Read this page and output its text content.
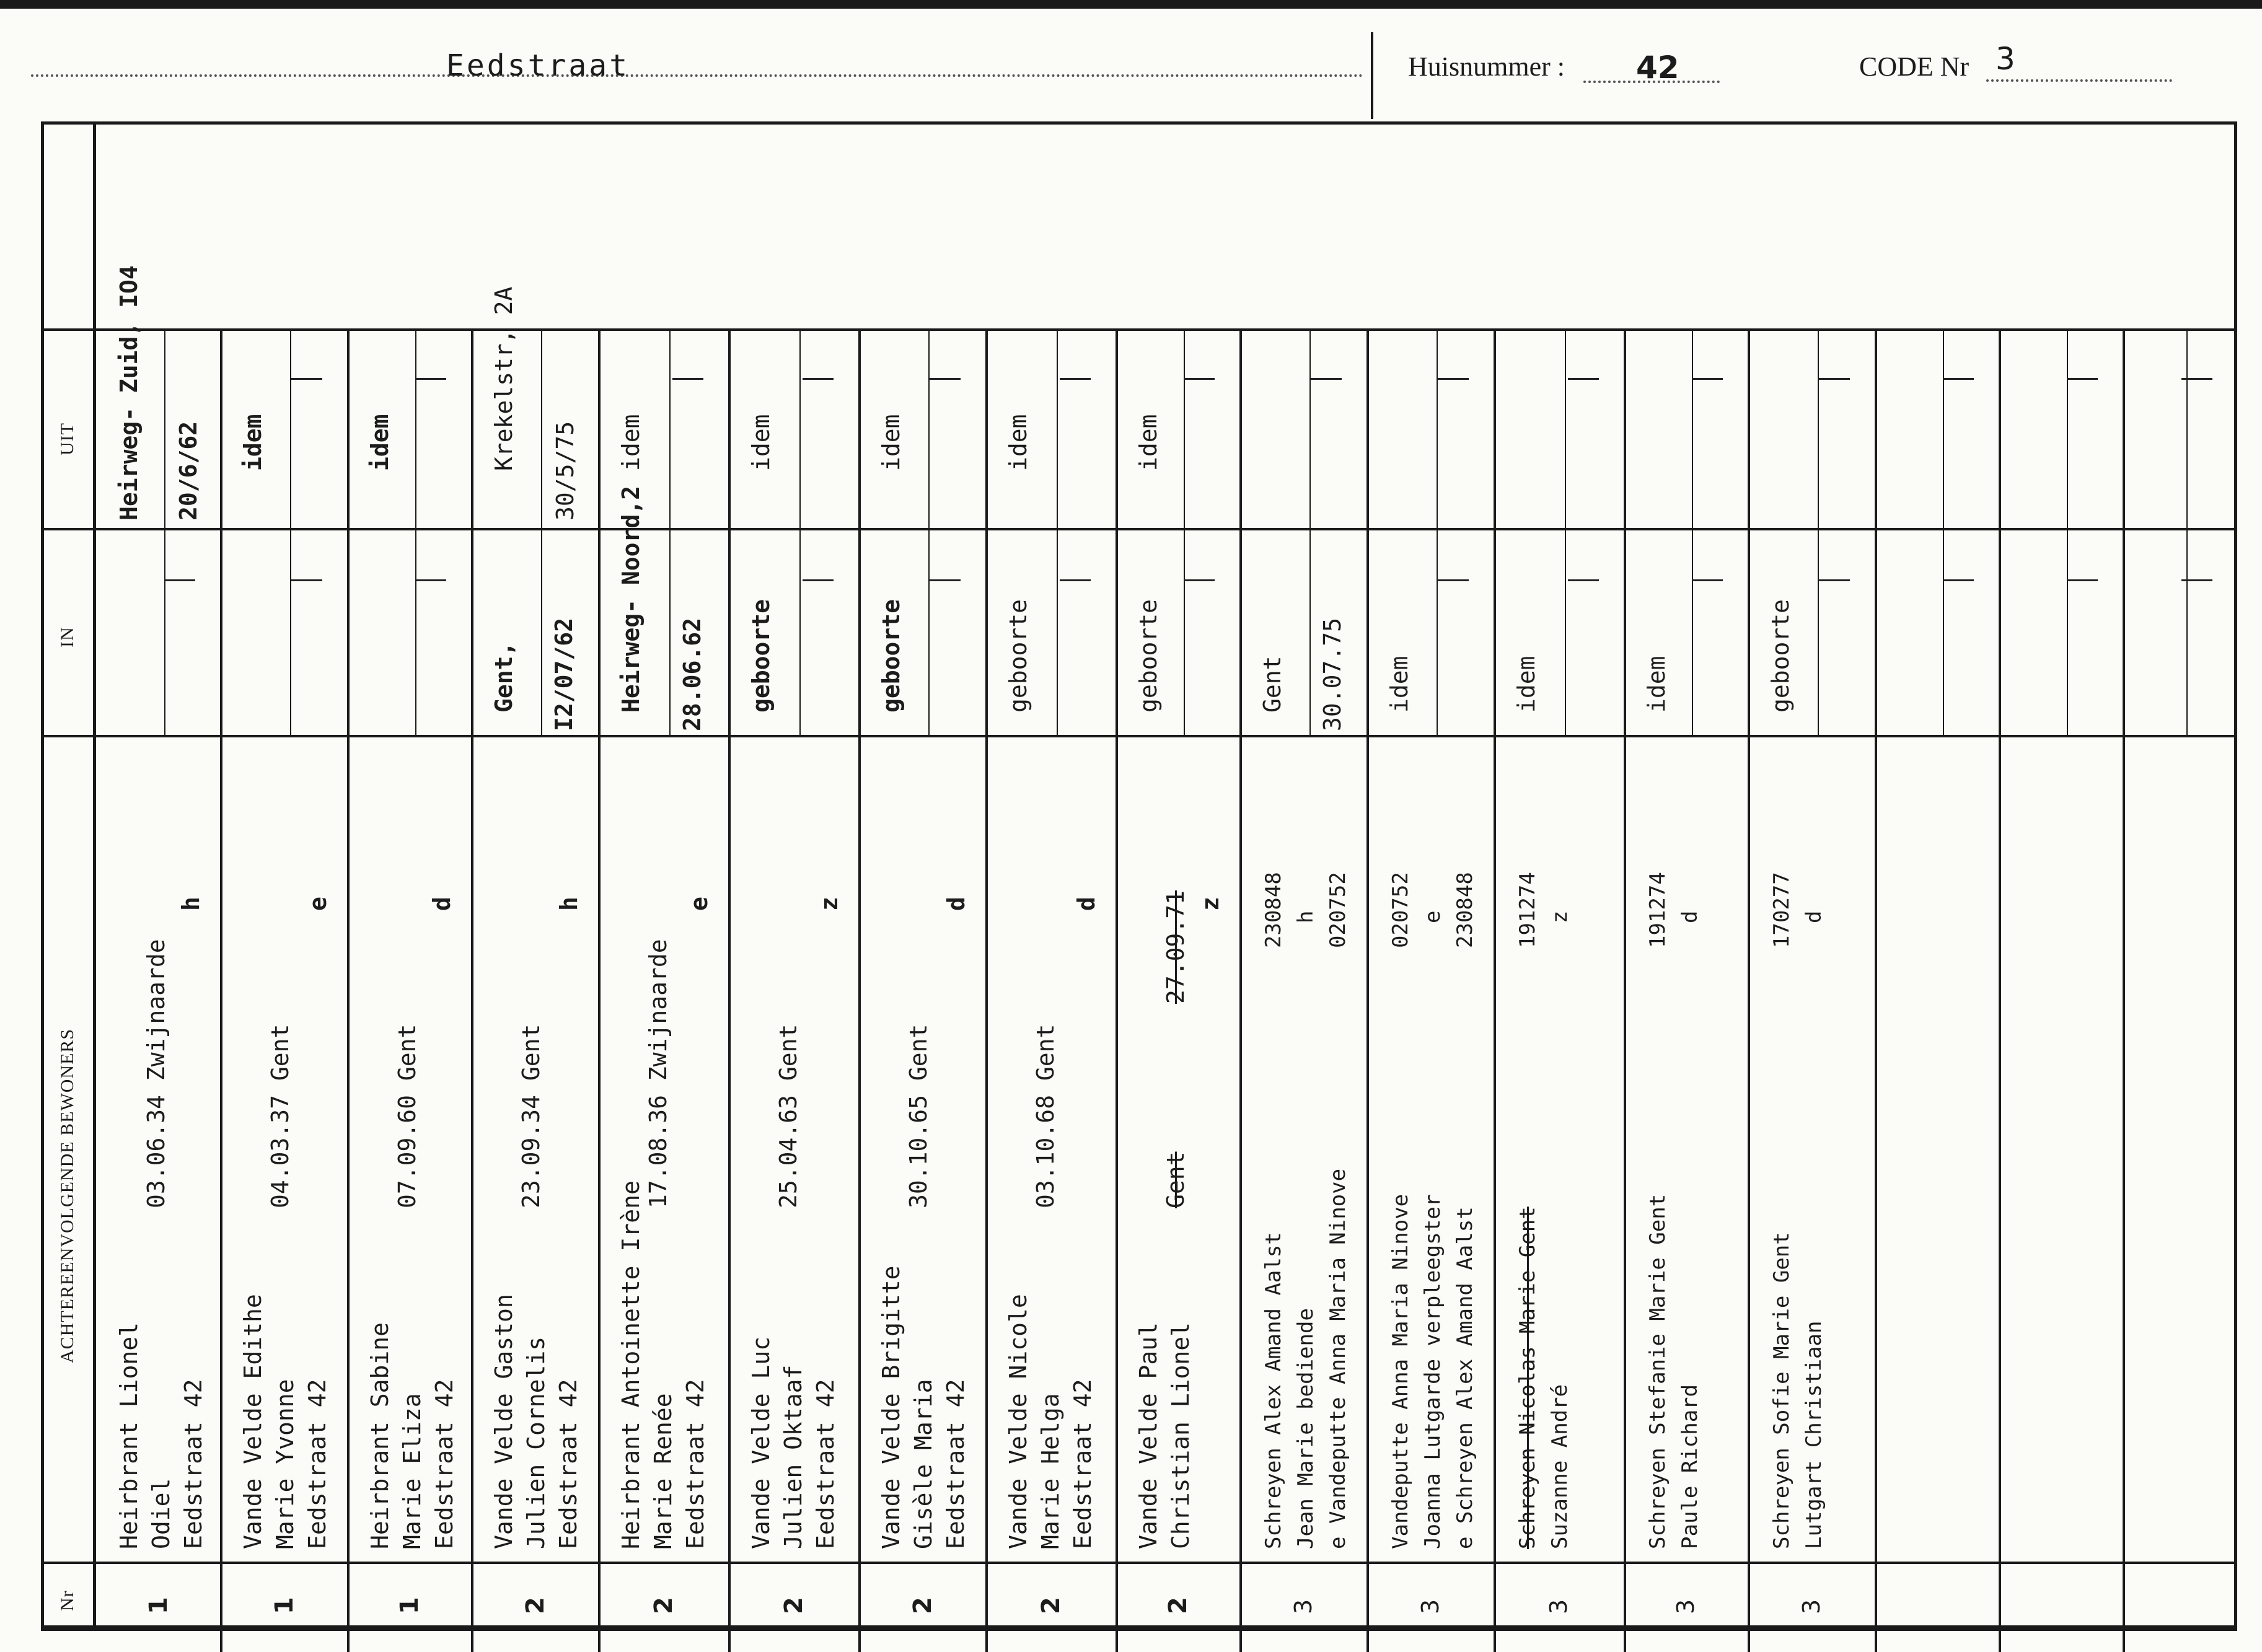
Eedstraat	Huisnummer : 42	CODE Nr 3
Nr
ACHTEREENVOLGENDE BEWONERS
IN
UIT
1
Heirbrant Lionel Odiel Eedstraat 42
03.06.34 Zwijnaarde
h
Heirweg- Zuid, IO4 20/6/62
1
Vande Velde Edithe Marie Yvonne Eedstraat 42
04.03.37 Gent
e
idem
1
Heirbrant Sabine Marie Eliza Eedstraat 42
07.09.60 Gent
d
idem
2
Vande Velde Gaston Julien Cornelis Eedstraat 42
23.09.34 Gent
h
Gent, I2/07/62
Krekelstr, 2A 30/5/75
2
Heirbrant Antoinette Irène Marie Renée Eedstraat 42
17.08.36 Zwijnaarde
e
Heirweg- Noord,2 28.06.62
idem
2
Vande Velde Luc Julien Oktaaf Eedstraat 42
25.04.63 Gent
z
geboorte
idem
2
Vande Velde Brigitte Gisèle Maria Eedstraat 42
30.10.65 Gent
d
geboorte
idem
2
Vande Velde Nicole Marie Helga Eedstraat 42
03.10.68 Gent
d
geboorte
idem
2
Vande Velde Paul Christian Lionel
Gent
27.09.71 z
geboorte
idem
3
Schreyen Alex Amand Aalst Jean Marie bediende e Vandeputte Anna Maria Ninove
230848 h 020752
Gent 30.07.75
3
Vandeputte Anna Maria Ninove Joanna Lutgarde verpleegster e Schreyen Alex Amand Aalst
020752 e 230848
idem
3
Schreyen Nicolas Marie Gent Suzanne André
191274 z
idem
3
Schreyen Stefanie Marie Gent Paule Richard
191274 d
idem
3
Schreyen Sofie Marie Gent Lutgart Christiaan
170277 d
geboorte
